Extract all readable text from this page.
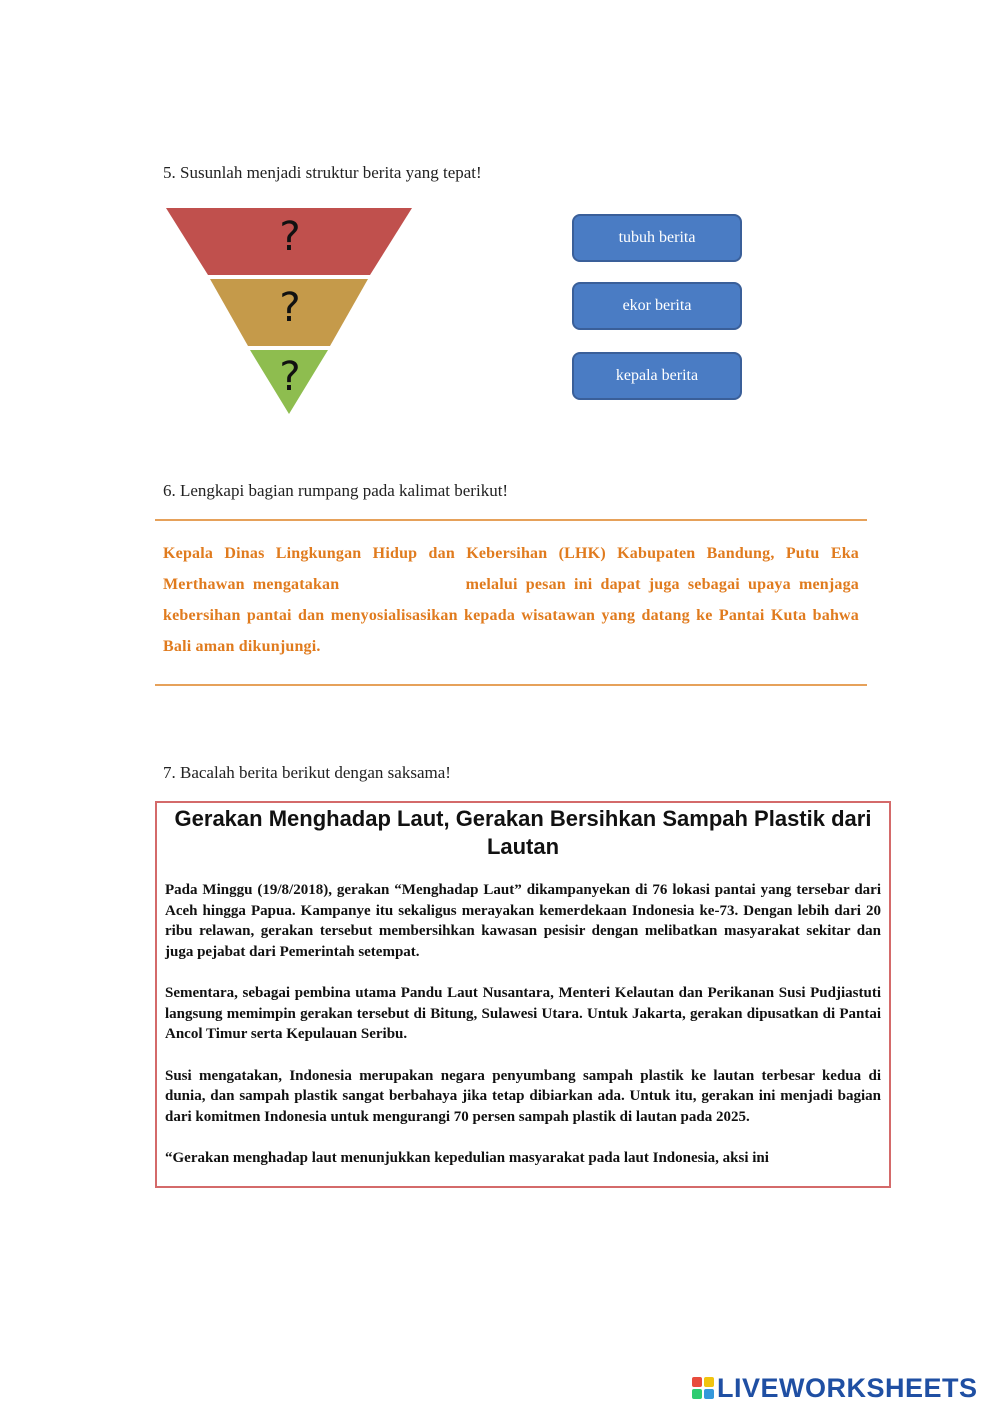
5. Susunlah menjadi struktur berita yang tepat!
?
?
?
tubuh berita
ekor berita
kepala berita
6. Lengkapi bagian rumpang pada kalimat berikut!
Kepala Dinas Lingkungan Hidup dan Kebersihan (LHK) Kabupaten Bandung, Putu Eka Merthawan mengatakan	melalui pesan ini dapat juga sebagai upaya menjaga kebersihan pantai dan menyosialisasikan kepada wisatawan yang datang ke Pantai Kuta bahwa Bali aman dikunjungi.
7. Bacalah berita berikut dengan saksama!
Gerakan Menghadap Laut, Gerakan Bersihkan Sampah Plastik dari Lautan
Pada Minggu (19/8/2018), gerakan “Menghadap Laut” dikampanyekan di 76 lokasi pantai yang tersebar dari Aceh hingga Papua. Kampanye itu sekaligus merayakan kemerdekaan Indonesia ke-73. Dengan lebih dari 20 ribu relawan, gerakan tersebut membersihkan kawasan pesisir dengan melibatkan masyarakat sekitar dan juga pejabat dari Pemerintah setempat.
Sementara, sebagai pembina utama Pandu Laut Nusantara, Menteri Kelautan dan Perikanan Susi Pudjiastuti langsung memimpin gerakan tersebut di Bitung, Sulawesi Utara. Untuk Jakarta, gerakan dipusatkan di Pantai Ancol Timur serta Kepulauan Seribu.
Susi mengatakan, Indonesia merupakan negara penyumbang sampah plastik ke lautan terbesar kedua di dunia, dan sampah plastik sangat berbahaya jika tetap dibiarkan ada. Untuk itu, gerakan ini menjadi bagian dari komitmen Indonesia untuk mengurangi 70 persen sampah plastik di lautan pada 2025.
“Gerakan menghadap laut menunjukkan kepedulian masyarakat pada laut Indonesia, aksi ini
LIVEWORKSHEETS
